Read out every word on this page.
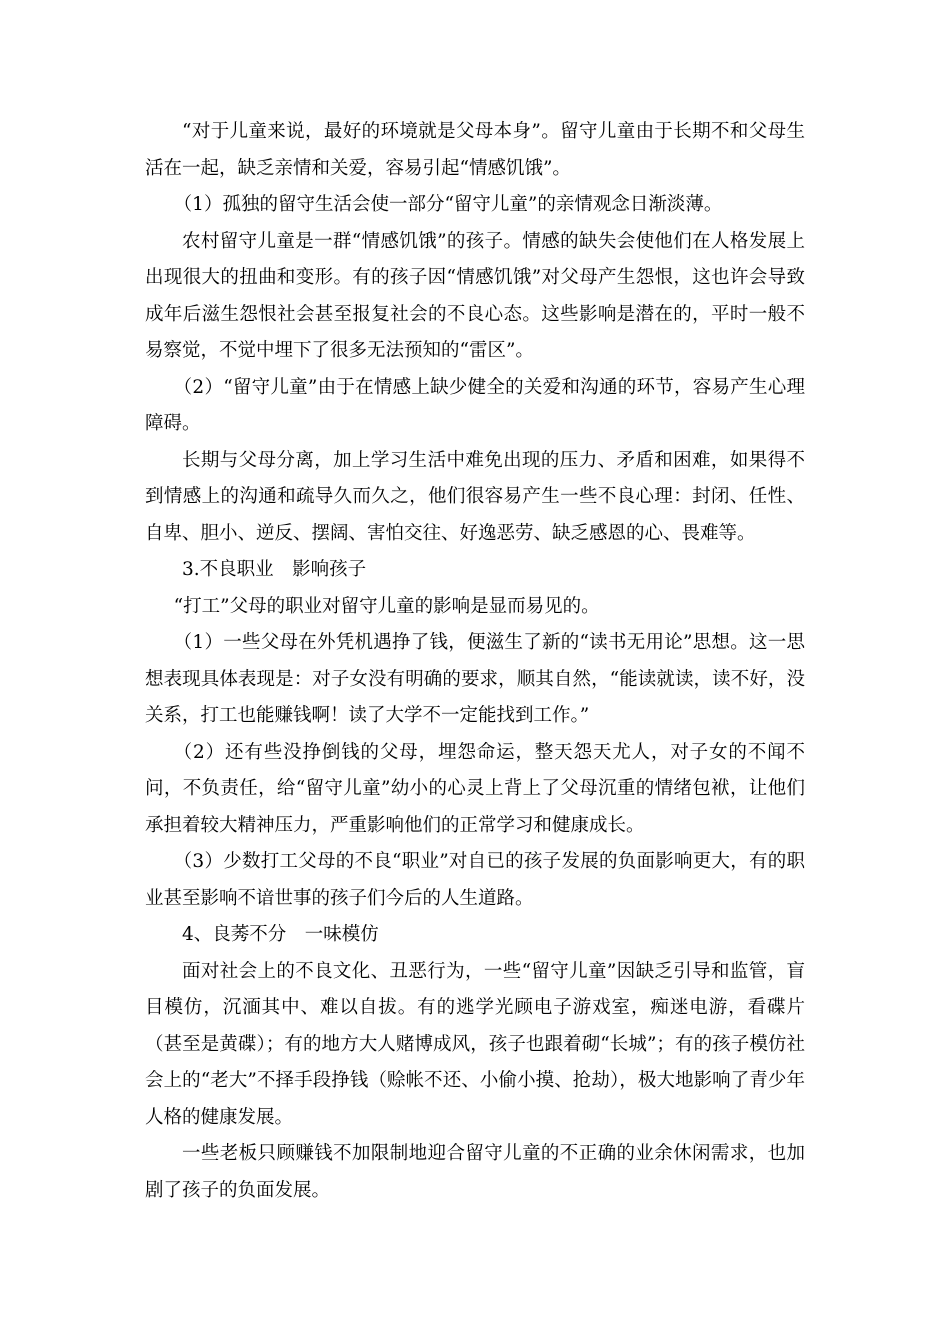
“对于儿童来说，最好的环境就是父母本身”。留守儿童由于长期不和父母生活在一起，缺乏亲情和关爱，容易引起“情感饥饿”。

（1）孤独的留守生活会使一部分“留守儿童”的亲情观念日渐淡薄。

农村留守儿童是一群“情感饥饿”的孩子。情感的缺失会使他们在人格发展上出现很大的扭曲和变形。有的孩子因“情感饥饿”对父母产生怨恨，这也许会导致成年后滋生怨恨社会甚至报复社会的不良心态。这些影响是潜在的，平时一般不易察觉，不觉中埋下了很多无法预知的“雷区”。

（2）“留守儿童”由于在情感上缺少健全的关爱和沟通的环节，容易产生心理障碍。

长期与父母分离，加上学习生活中难免出现的压力、矛盾和困难，如果得不到情感上的沟通和疏导久而久之，他们很容易产生一些不良心理：封闭、任性、自卑、胆小、逆反、摆阔、害怕交往、好逸恶劳、缺乏感恩的心、畏难等。

3.不良职业　影响孩子

“打工”父母的职业对留守儿童的影响是显而易见的。

（1）一些父母在外凭机遇挣了钱，便滋生了新的“读书无用论”思想。这一思想表现具体表现是：对子女没有明确的要求，顺其自然，“能读就读，读不好，没关系，打工也能赚钱啊！读了大学不一定能找到工作。”

（2）还有些没挣倒钱的父母，埋怨命运，整天怨天尤人，对子女的不闻不问，不负责任，给“留守儿童”幼小的心灵上背上了父母沉重的情绪包袱，让他们承担着较大精神压力，严重影响他们的正常学习和健康成长。

（3）少数打工父母的不良“职业”对自已的孩子发展的负面影响更大，有的职业甚至影响不谙世事的孩子们今后的人生道路。

4、良莠不分　一味模仿

面对社会上的不良文化、丑恶行为，一些“留守儿童”因缺乏引导和监管，盲目模仿，沉湎其中、难以自拔。有的逃学光顾电子游戏室，痴迷电游，看碟片（甚至是黄碟）；有的地方大人赌博成风，孩子也跟着砌“长城”；有的孩子模仿社会上的“老大”不择手段挣钱（赊帐不还、小偷小摸、抢劫），极大地影响了青少年人格的健康发展。

一些老板只顾赚钱不加限制地迎合留守儿童的不正确的业余休闲需求，也加剧了孩子的负面发展。
